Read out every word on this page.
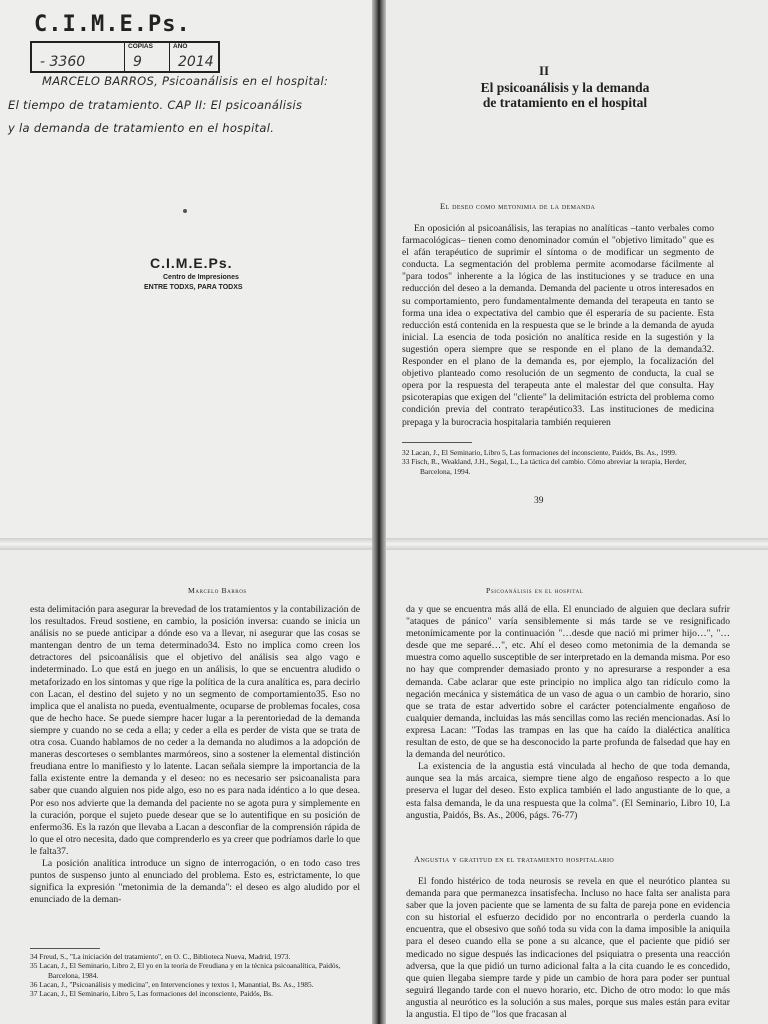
C.I.M.E.Ps.
- 3360
COPIAS
9
AÑO
2014
MARCELO BARROS, Psicoanálisis en el hospital:
El tiempo de tratamiento. CAP II: El psicoanálisis
y la demanda de tratamiento en el hospital.
C.I.M.E.Ps.
Centro de Impresiones
ENTRE TODXS, PARA TODXS
II
El psicoanálisis y la demanda
de tratamiento en el hospital
El deseo como metonimia de la demanda

En oposición al psicoanálisis, las terapias no analíticas –tanto verbales como farmacológicas– tienen como denominador común el "objetivo limitado" que es el afán terapéutico de suprimir el síntoma o de modificar un segmento de conducta. La segmentación del problema permite acomodarse fácilmente al "para todos" inherente a la lógica de las instituciones y se traduce en una reducción del deseo a la demanda. Demanda del paciente u otros interesados en su comportamiento, pero fundamentalmente demanda del terapeuta en tanto se forma una idea o expectativa del cambio que él esperaría de su paciente. Esta reducción está contenida en la respuesta que se le brinde a la demanda de ayuda inicial. La esencia de toda posición no analítica reside en la sugestión y la sugestión opera siempre que se responde en el plano de la demanda32. Responder en el plano de la demanda es, por ejemplo, la focalización del objetivo planteado como resolución de un segmento de conducta, la cual se opera por la respuesta del terapeuta ante el malestar del que consulta. Hay psicoterapias que exigen del "cliente" la delimitación estricta del problema como condición previa del contrato terapéutico33. Las instituciones de medicina prepaga y la burocracia hospitalaria también requieren

32 Lacan, J., El Seminario, Libro 5, Las formaciones del inconsciente, Paidós, Bs. As., 1999.
33 Fisch, R., Weakland, J.H., Segal, L., La táctica del cambio. Cómo abreviar la terapia, Herder, Barcelona, 1994.
39
Marcelo Barros

esta delimitación para asegurar la brevedad de los tratamientos y la contabilización de los resultados. Freud sostiene, en cambio, la posición inversa: cuando se inicia un análisis no se puede anticipar a dónde eso va a llevar, ni asegurar que las cosas se mantengan dentro de un tema determinado34. Esto no implica como creen los detractores del psicoanálisis que el objetivo del análisis sea algo vago e indeterminado. Lo que está en juego en un análisis, lo que se encuentra aludido o metaforizado en los síntomas y que rige la política de la cura analítica es, para decirlo con Lacan, el destino del sujeto y no un segmento de comportamiento35. Eso no implica que el analista no pueda, eventualmente, ocuparse de problemas focales, cosa que de hecho hace. Se puede siempre hacer lugar a la perentoriedad de la demanda siempre y cuando no se ceda a ella; y ceder a ella es perder de vista que se trata de otra cosa. Cuando hablamos de no ceder a la demanda no aludimos a la adopción de maneras descorteses o semblantes marmóreos, sino a sostener la elemental distinción freudiana entre lo manifiesto y lo latente. Lacan señala siempre la importancia de la falla existente entre la demanda y el deseo: no es necesario ser psicoanalista para saber que cuando alguien nos pide algo, eso no es para nada idéntico a lo que desea. Por eso nos advierte que la demanda del paciente no se agota pura y simplemente en la curación, porque el sujeto puede desear que se lo autentifique en su posición de enfermo36. Es la razón que llevaba a Lacan a desconfiar de la comprensión rápida de lo que el otro necesita, dado que comprenderlo es ya creer que podríamos darle lo que le falta37.

La posición analítica introduce un signo de interrogación, o en todo caso tres puntos de suspenso junto al enunciado del problema. Esto es, estrictamente, lo que significa la expresión "metonimia de la demanda": el deseo es algo aludido por el enunciado de la deman-

34 Freud, S., "La iniciación del tratamiento", en O. C., Biblioteca Nueva, Madrid, 1973.
35 Lacan, J., El Seminario, Libro 2, El yo en la teoría de Freudiana y en la técnica psicoanalítica, Paidós, Barcelona, 1984.
36 Lacan, J., "Psicoanálisis y medicina", en Intervenciones y textos 1, Manantial, Bs. As., 1985.
37 Lacan, J., El Seminario, Libro 5, Las formaciones del inconsciente, Paidós, Bs.
Psicoanálisis en el hospital

da y que se encuentra más allá de ella. El enunciado de alguien que declara sufrir "ataques de pánico" varía sensiblemente si más tarde se ve resignificado metonímicamente por la continuación "…desde que nació mi primer hijo…", "…desde que me separé…", etc. Ahí el deseo como metonimia de la demanda se muestra como aquello susceptible de ser interpretado en la demanda misma. Por eso no hay que comprender demasiado pronto y no apresurarse a responder a esa demanda. Cabe aclarar que este principio no implica algo tan ridículo como la negación mecánica y sistemática de un vaso de agua o un cambio de horario, sino que se trata de estar advertido sobre el carácter potencialmente engañoso de cualquier demanda, incluidas las más sencillas como las recién mencionadas. Así lo expresa Lacan: "Todas las trampas en las que ha caído la dialéctica analítica resultan de esto, de que se ha desconocido la parte profunda de falsedad que hay en la demanda del neurótico.

La existencia de la angustia está vinculada al hecho de que toda demanda, aunque sea la más arcaica, siempre tiene algo de engañoso respecto a lo que preserva el lugar del deseo. Esto explica también el lado angustiante de lo que, a esta falsa demanda, le da una respuesta que la colma". (El Seminario, Libro 10, La angustia, Paidós, Bs. As., 2006, págs. 76-77)

Angustia y gratitud en el tratamiento hospitalario

El fondo histérico de toda neurosis se revela en que el neurótico plantea su demanda para que permanezca insatisfecha. Incluso no hace falta ser analista para saber que la joven paciente que se lamenta de su falta de pareja pone en evidencia con su historial el esfuerzo decidido por no encontrarla o perderla cuando la encuentra, que el obsesivo que soñó toda su vida con la dama imposible la aniquila para el deseo cuando ella se pone a su alcance, que el paciente que pidió ser medicado no sigue después las indicaciones del psiquiatra o presenta una reacción adversa, que la que pidió un turno adicional falta a la cita cuando le es concedido, que quien llegaba siempre tarde y pide un cambio de hora para poder ser puntual seguirá llegando tarde con el nuevo horario, etc. Dicho de otro modo: lo que más angustia al neurótico es la solución a sus males, porque sus males están para evitar la angustia. El tipo de "los que fracasan al
